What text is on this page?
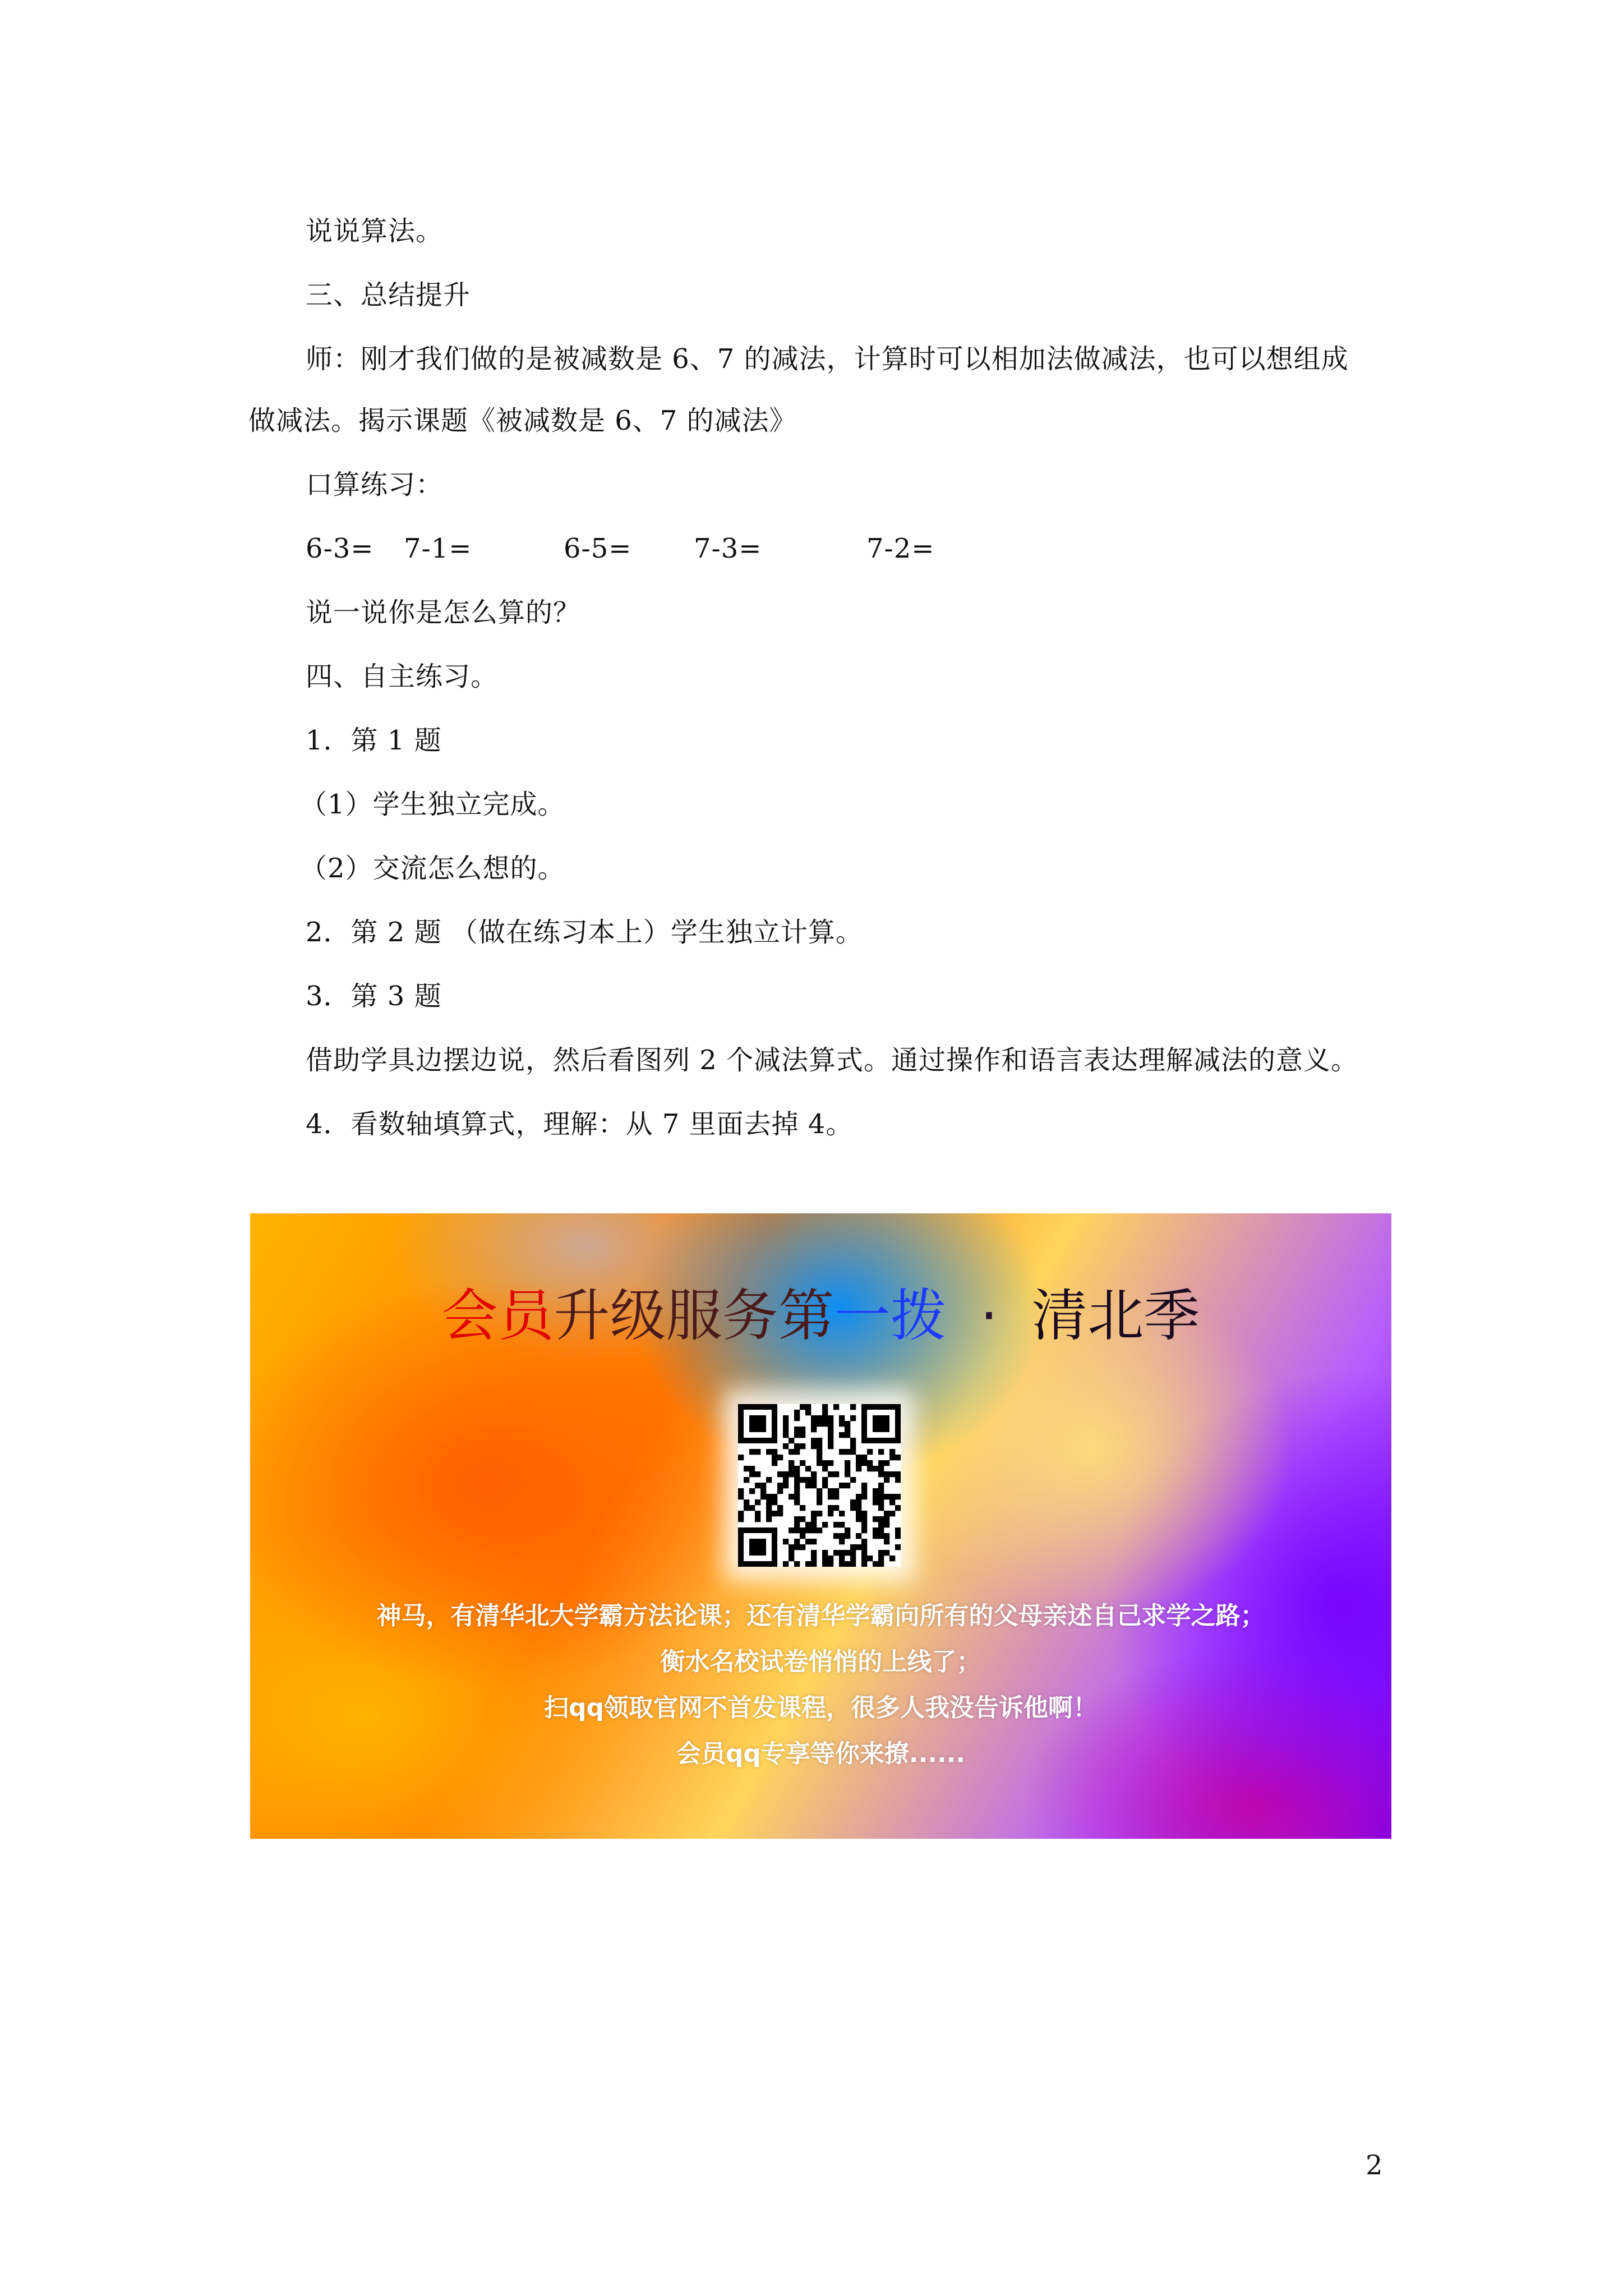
说说算法。
三、总结提升
师：刚才我们做的是被减数是 6、7 的减法，计算时可以相加法做减法，也可以想组成
做减法。揭示课题《被减数是 6、7 的减法》
口算练习：
6-3= 7-1=	6-5= 7-3=	7-2=
说一说你是怎么算的？
四、自主练习。
1．第 1 题
（1）学生独立完成。
（2）交流怎么想的。
2．第 2 题 （做在练习本上）学生独立计算。
3．第 3 题
借助学具边摆边说，然后看图列 2 个减法算式。通过操作和语言表达理解减法的意义。
4．看数轴填算式，理解：从 7 里面去掉 4。
会员升级服务第一拨 · 清北季
神马，有清华北大学霸方法论课；还有清华学霸向所有的父母亲述自己求学之路；
衡水名校试卷悄悄的上线了；
扫qq领取官网不首发课程，很多人我没告诉他啊！
会员qq专享等你来撩......
2
